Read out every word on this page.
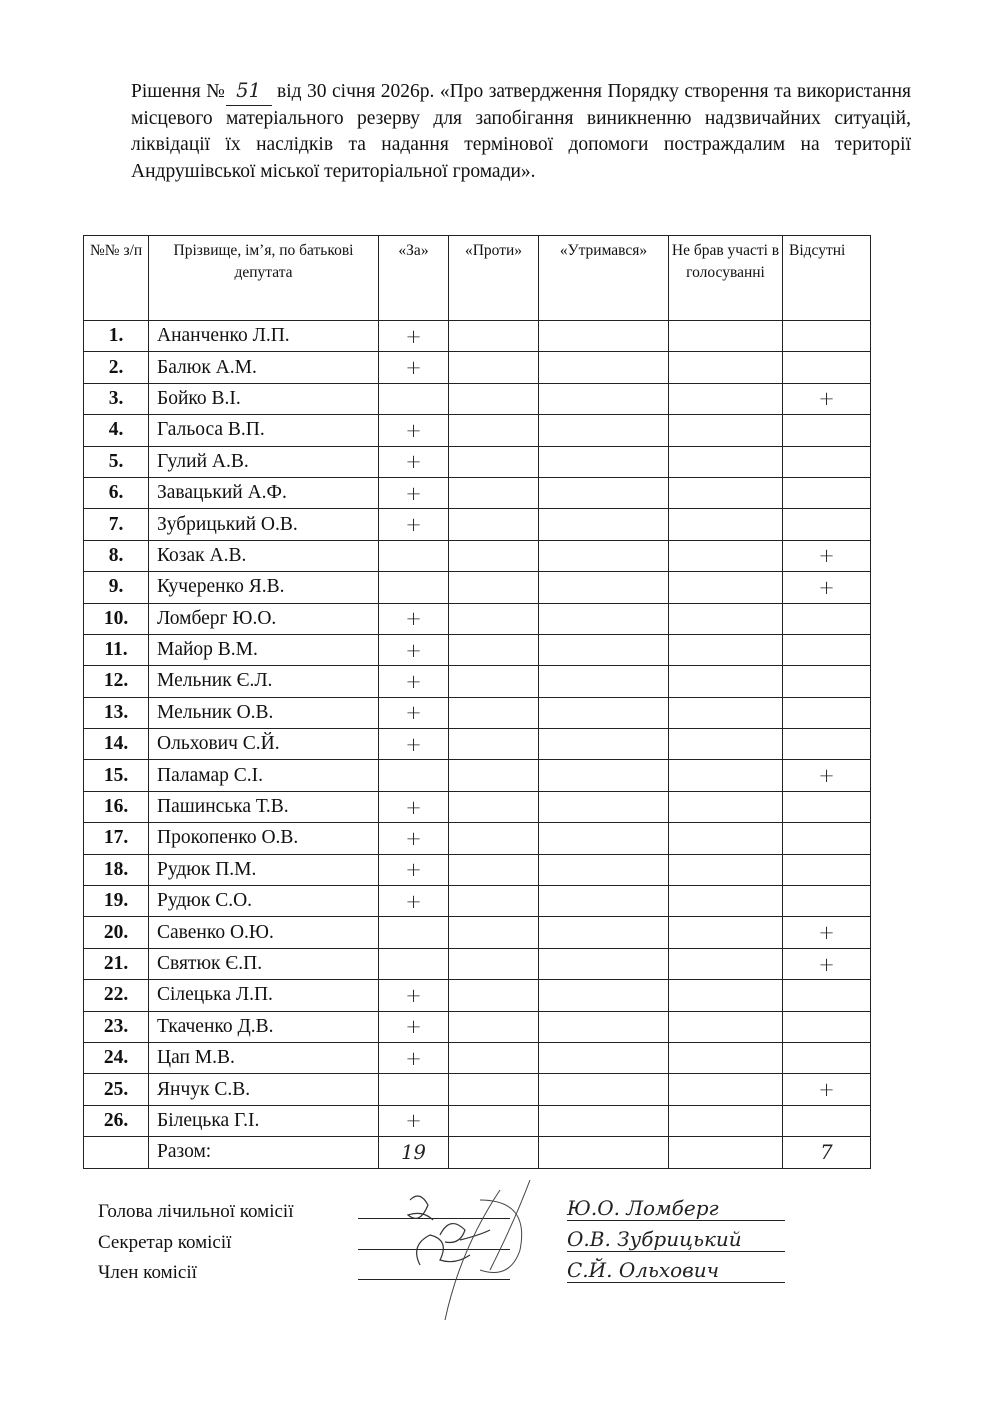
Рішення № 51 від 30 січня 2026р. «Про затвердження Порядку створення та використання місцевого матеріального резерву для запобігання виникненню надзвичайних ситуацій, ліквідації їх наслідків та надання термінової допомоги постраждалим на території Андрушівської міської територіальної громади».
№№ з/п	Прізвище, ім’я, по батькові депутата	«За»	«Проти»	«Утримався»	Не брав участі в голосуванні	Відсутні
1.	Ананченко Л.П.	+				
2.	Балюк А.М.	+				
3.	Бойко В.І.					+
4.	Гальоса В.П.	+				
5.	Гулий А.В.	+				
6.	Завацький А.Ф.	+				
7.	Зубрицький О.В.	+				
8.	Козак А.В.					+
9.	Кучеренко Я.В.					+
10.	Ломберг Ю.О.	+				
11.	Майор В.М.	+				
12.	Мельник Є.Л.	+				
13.	Мельник О.В.	+				
14.	Ольхович С.Й.	+				
15.	Паламар С.І.					+
16.	Пашинська Т.В.	+				
17.	Прокопенко О.В.	+				
18.	Рудюк П.М.	+				
19.	Рудюк С.О.	+				
20.	Савенко О.Ю.					+
21.	Святюк Є.П.					+
22.	Сілецька Л.П.	+				
23.	Ткаченко Д.В.	+				
24.	Цап М.В.	+				
25.	Янчук С.В.					+
26.	Білецька Г.І.	+				
	Разом:	19				7
Голова лічильної комісії
Секретар комісії
Член комісії
Ю.О. Ломберг
О.В. Зубрицький
С.Й. Ольхович
